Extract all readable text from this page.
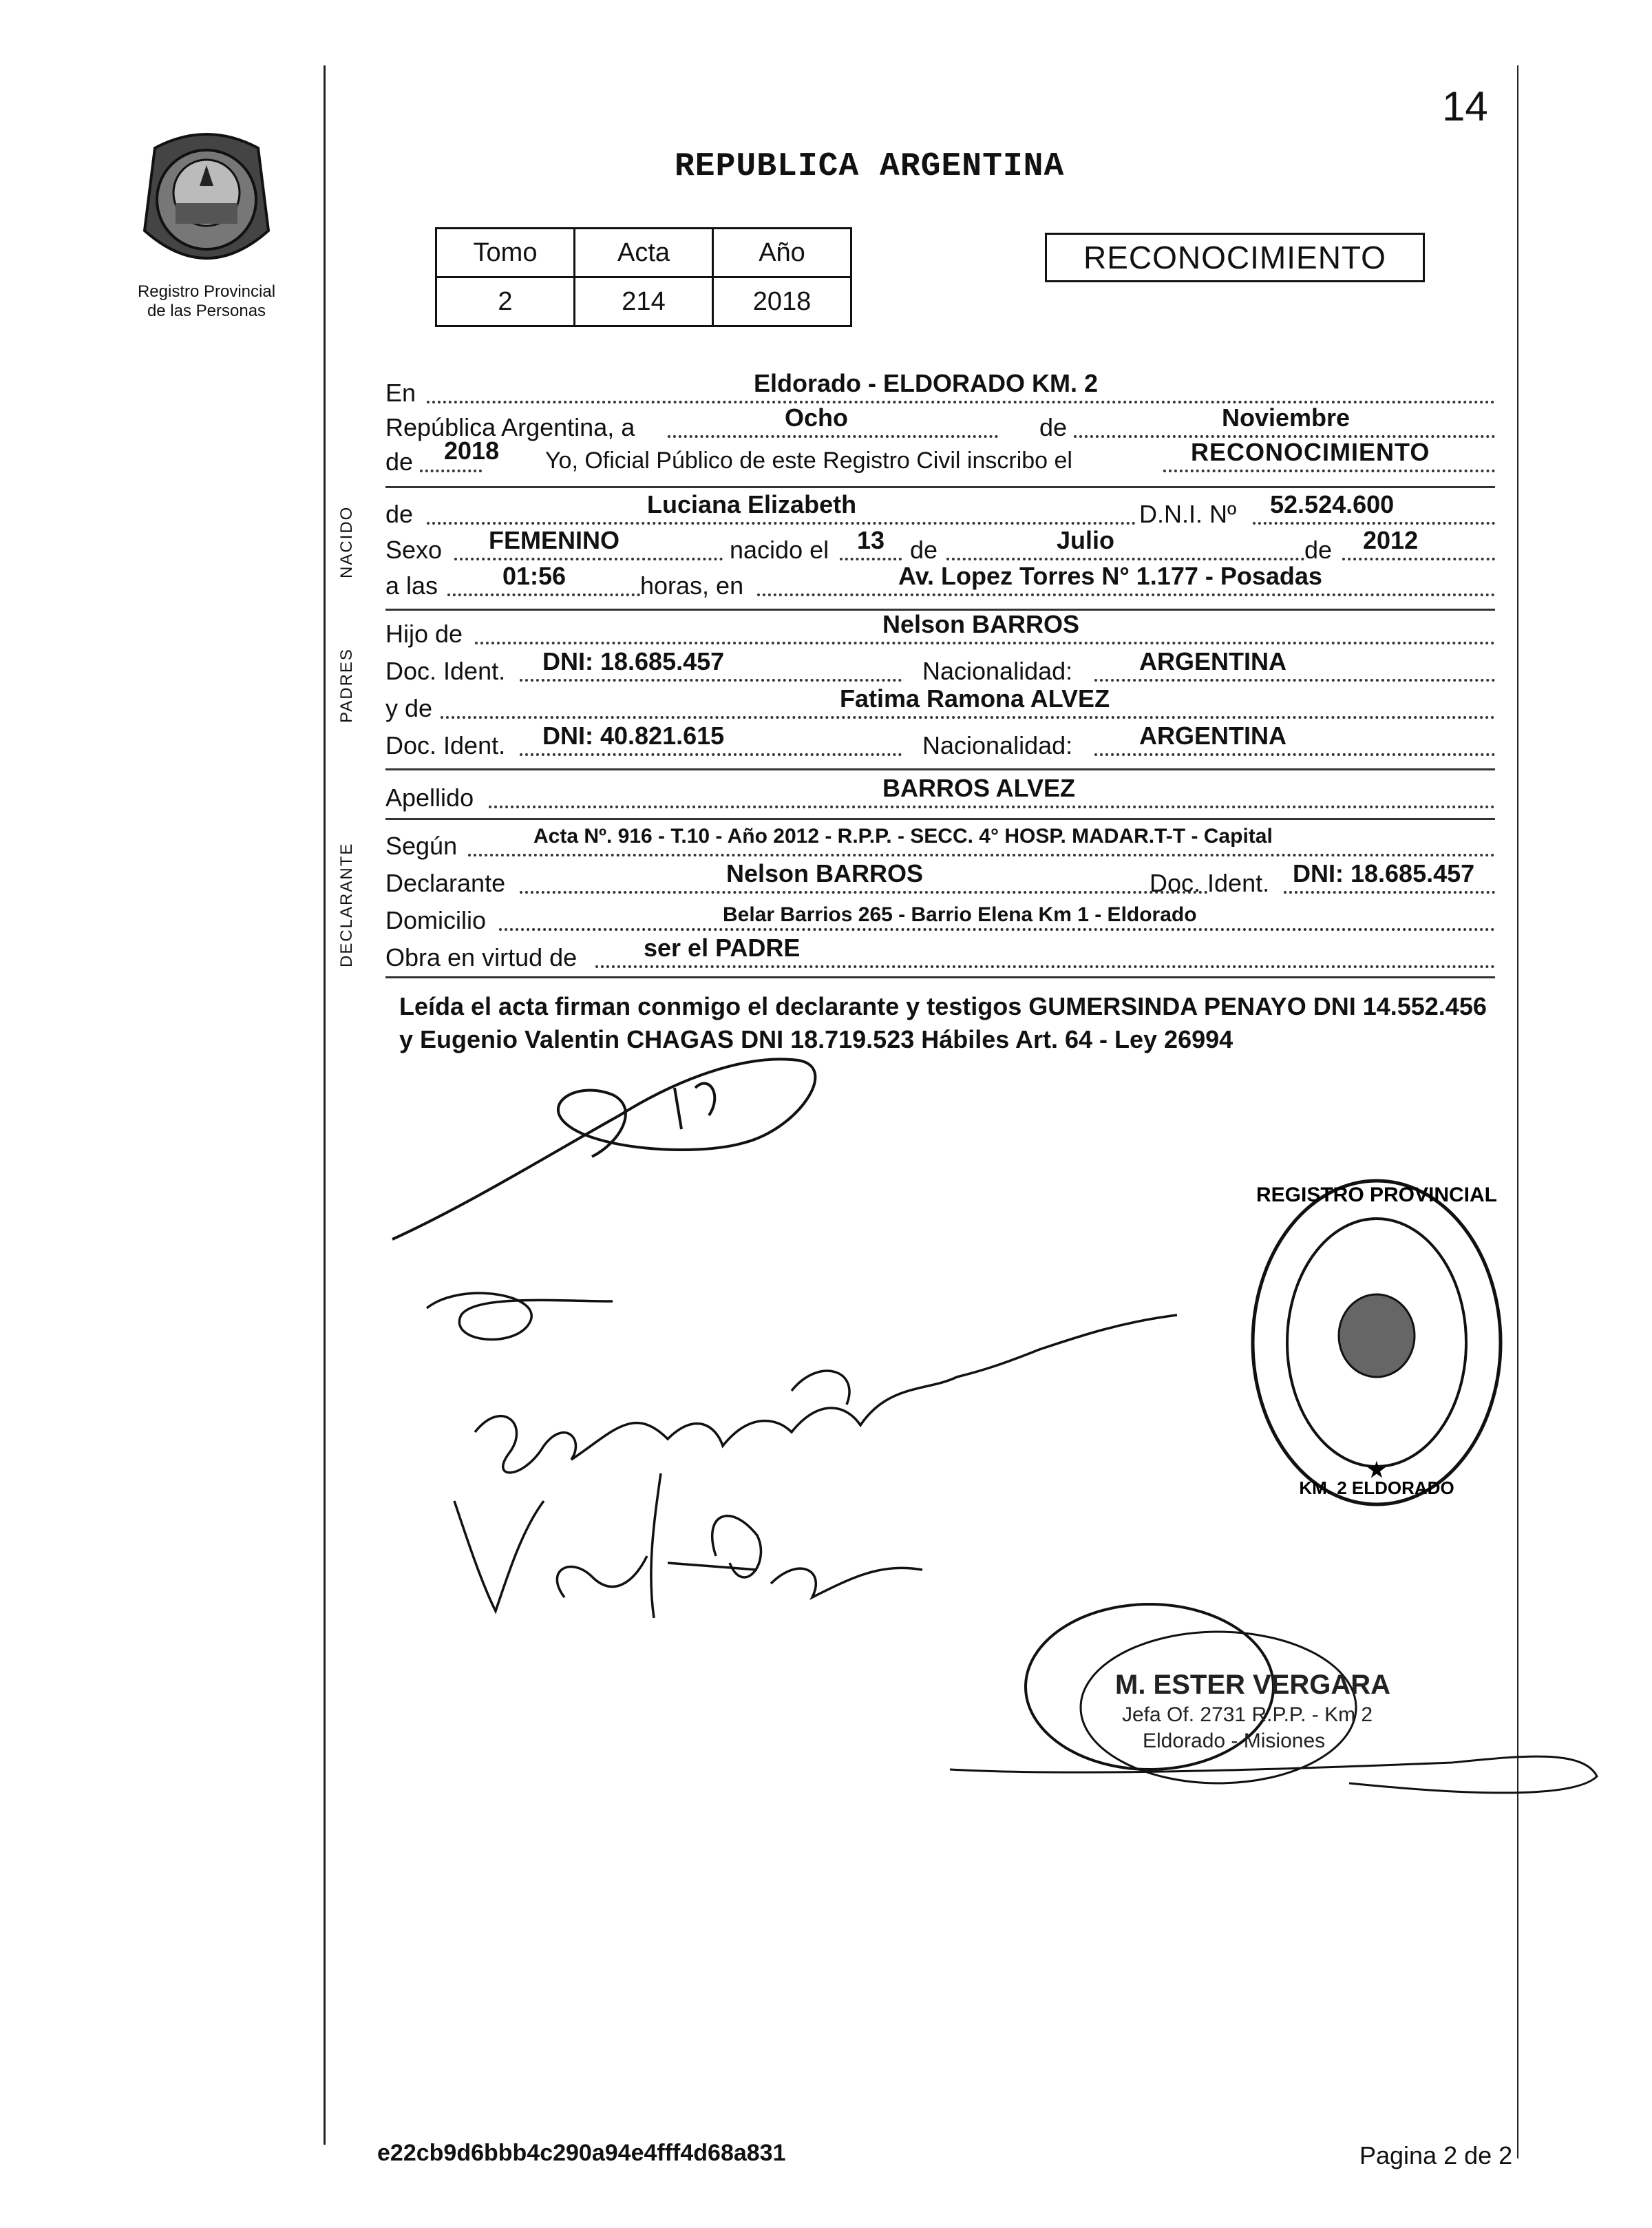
14
REPUBLICA ARGENTINA
Registro Provincial
de las Personas
Tomo	Acta	Año
2	214	2018
RECONOCIMIENTO
En	Eldorado - ELDORADO KM. 2
República Argentina, a	Ocho	de	Noviembre
de 2018 Yo, Oficial Público de este Registro Civil inscribo el	RECONOCIMIENTO
NACIDO de	Luciana Elizabeth	D.N.I. Nº 52.524.600
Sexo FEMENINO	nacido el 13 de	Julio	de 2012
a las	01:56	horas, en	Av. Lopez Torres N° 1.177 - Posadas
PADRES
Hijo de	Nelson BARROS
Doc. Ident. DNI: 18.685.457	Nacionalidad:	ARGENTINA
y de	Fatima Ramona ALVEZ
Doc. Ident. DNI: 40.821.615	Nacionalidad:	ARGENTINA
Apellido	BARROS ALVEZ
DECLARANTE Según	Acta Nº. 916 - T.10 - Año 2012 - R.P.P. - SECC. 4° HOSP. MADAR.T-T - Capital
Declarante	Nelson BARROS	Doc. Ident. DNI: 18.685.457
Domicilio	Belar Barrios 265 - Barrio Elena Km 1 - Eldorado
Obra en virtud de	ser el PADRE
Leída el acta firman conmigo el declarante y testigos GUMERSINDA PENAYO DNI 14.552.456 y Eugenio Valentin CHAGAS DNI 18.719.523 Hábiles Art. 64 - Ley 26994
REGISTRO PROVINCIAL
KM. 2 ELDORADO
★
M. ESTER VERGARA
Jefa Of. 2731 R.P.P. - Km 2
Eldorado - Misiones
e22cb9d6bbb4c290a94e4fff4d68a831	Pagina 2 de 2
